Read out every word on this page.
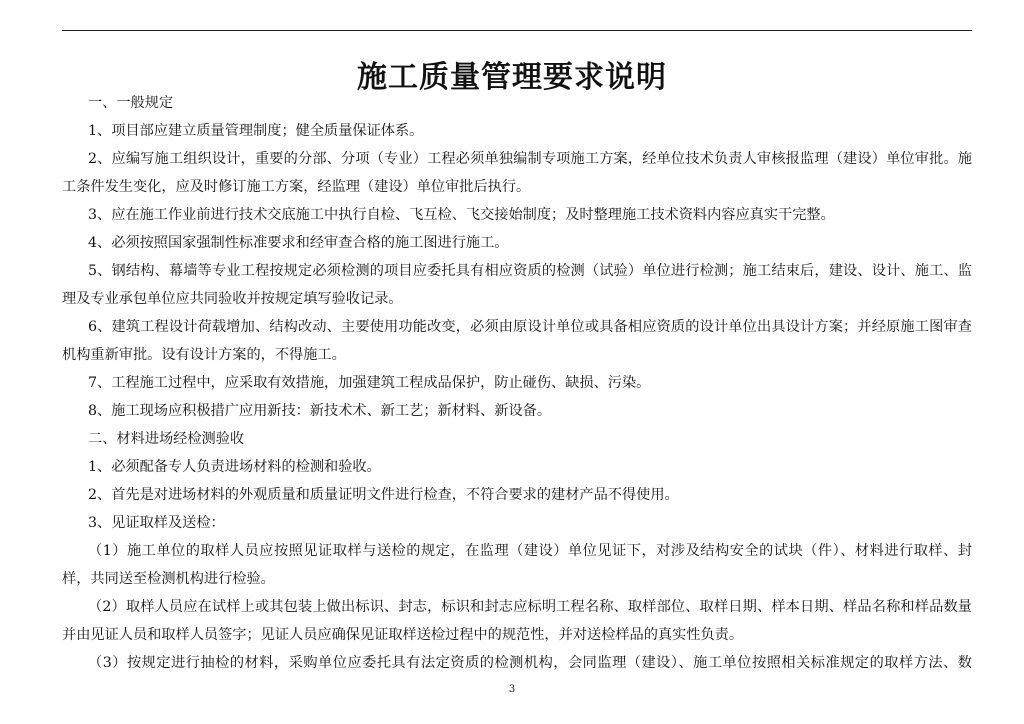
施工质量管理要求说明
一、一般规定
1、项目部应建立质量管理制度；健全质量保证体系。
2、应编写施工组织设计，重要的分部、分项（专业）工程必须单独编制专项施工方案，经单位技术负责人审核报监理（建设）单位审批。施
工条件发生变化，应及时修订施工方案，经监理（建设）单位审批后执行。
3、应在施工作业前进行技术交底施工中执行自检、飞互检、飞交接始制度；及时整理施工技术资料内容应真实干完整。
4、必须按照国家强制性标准要求和经审查合格的施工图进行施工。
5、钢结构、幕墙等专业工程按规定必须检测的项目应委托具有相应资质的检测（试验）单位进行检测；施工结束后，建设、设计、施工、监
理及专业承包单位应共同验收并按规定填写验收记录。
6、建筑工程设计荷载增加、结构改动、主要使用功能改变，必须由原设计单位或具备相应资质的设计单位出具设计方案；并经原施工图审查
机构重新审批。设有设计方案的，不得施工。
7、工程施工过程中，应采取有效措施，加强建筑工程成品保护，防止碰伤、缺损、污染。
8、施工现场应积极措广应用新技：新技术术、新工艺；新材料、新设备。
二、材料进场经检测验收
1、必须配备专人负责进场材料的检测和验收。
2、首先是对进场材料的外观质量和质量证明文件进行检查，不符合要求的建材产品不得使用。
3、见证取样及送检：
（1）施工单位的取样人员应按照见证取样与送检的规定，在监理（建设）单位见证下，对涉及结构安全的试块（件）、材料进行取样、封
样，共同送至检测机构进行检验。
（2）取样人员应在试样上或其包装上做出标识、封志，标识和封志应标明工程名称、取样部位、取样日期、样本日期、样品名称和样品数量
并由见证人员和取样人员签字；见证人员应确保见证取样送检过程中的规范性，并对送检样品的真实性负责。
（3）按规定进行抽检的材料，采购单位应委托具有法定资质的检测机构，会同监理（建设）、施工单位按照相关标准规定的取样方法、数
3
